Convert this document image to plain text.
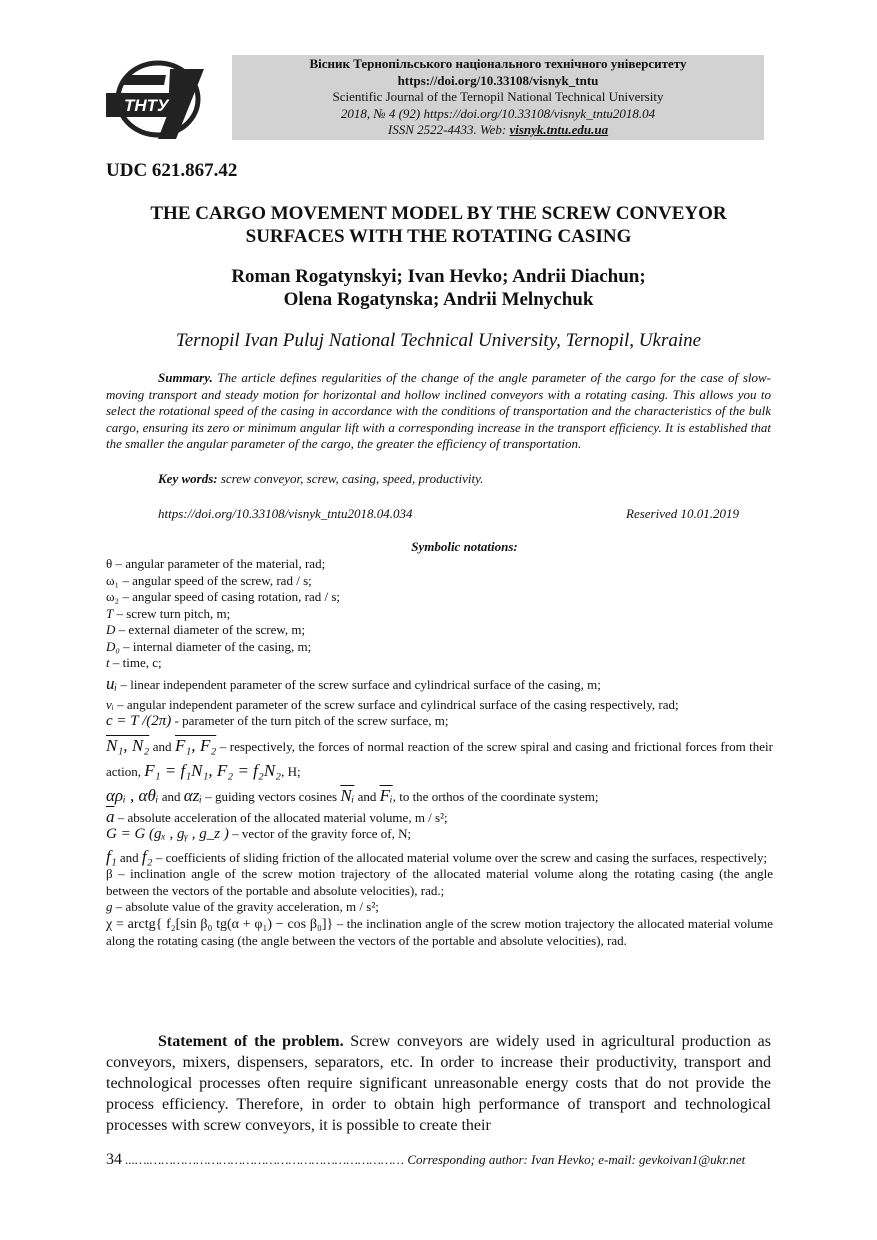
ТНТУ
Вісник Тернопільського національного технічного університету
https://doi.org/10.33108/visnyk_tntu
Scientific Journal of the Ternopil National Technical University
2018, № 4 (92) https://doi.org/10.33108/visnyk_tntu2018.04
ISSN 2522-4433. Web: visnyk.tntu.edu.ua
UDC 621.867.42
THE CARGO MOVEMENT MODEL BY THE SCREW CONVEYOR
SURFACES WITH THE ROTATING CASING
Roman Rogatynskyi; Ivan Hevko; Andrii Diachun;
Olena Rogatynska; Andrii Melnychuk
Ternopil Ivan Puluj National Technical University, Ternopil, Ukraine
Summary. The article defines regularities of the change of the angle parameter of the cargo for the case of slow-moving transport and steady motion for horizontal and hollow inclined conveyors with a rotating casing. This allows you to select the rotational speed of the casing in accordance with the conditions of transportation and the characteristics of the bulk cargo, ensuring its zero or minimum angular lift with a corresponding increase in the transport efficiency. It is established that the smaller the angular parameter of the cargo, the greater the efficiency of transportation.
Key words: screw conveyor, screw, casing, speed, productivity.
https://doi.org/10.33108/visnyk_tntu2018.04.034	Reserived 10.01.2019
Symbolic notations:
θ – angular parameter of the material, rad;
ω₁ – angular speed of the screw, rad / s;
ω₂ – angular speed of casing rotation, rad / s;
T – screw turn pitch, m;
D – external diameter of the screw, m;
D₀ – internal diameter of the casing, m;
t – time, c;
uᵢ – linear independent parameter of the screw surface and cylindrical surface of the casing, m;
vᵢ – angular independent parameter of the screw surface and cylindrical surface of the casing respectively, rad;
c = T /(2π) - parameter of the turn pitch of the screw surface, m;
N₁, N₂ and F₁, F₂ – respectively, the forces of normal reaction of the screw spiral and casing and frictional forces from their action, F₁ = f₁N₁, F₂ = f₂N₂, H;
αρᵢ , αθᵢ and αzᵢ – guiding vectors cosines $\overline{Nᵢ}$ and $\overline{Fᵢ}$, to the orthos of the coordinate system;
$\overline{a}$ – absolute acceleration of the allocated material volume, m / s²;
G = G (gₓ , gᵧ , g_z ) – vector of the gravity force of, N;
f₁ and f₂ – coefficients of sliding friction of the allocated material volume over the screw and casing the surfaces, respectively;
β – inclination angle of the screw motion trajectory of the allocated material volume along the rotating casing (the angle between the vectors of the portable and absolute velocities), rad.;
g – absolute value of the gravity acceleration, m / s²;
χ = arctg{ f₂[sin β₀ tg(α + φ₁) − cos β₀]} – the inclination angle of the screw motion trajectory the allocated material volume along the rotating casing (the angle between the vectors of the portable and absolute velocities), rad.
Statement of the problem. Screw conveyors are widely used in agricultural production as conveyors, mixers, dispensers, separators, etc. In order to increase their productivity, transport and technological processes often require significant unreasonable energy costs that do not provide the process efficiency. Therefore, in order to obtain high performance of transport and technological processes with screw conveyors, it is possible to create their
34 ...….………………………………………………………… Corresponding author: Ivan Hevko; e-mail: gevkoivan1@ukr.net
